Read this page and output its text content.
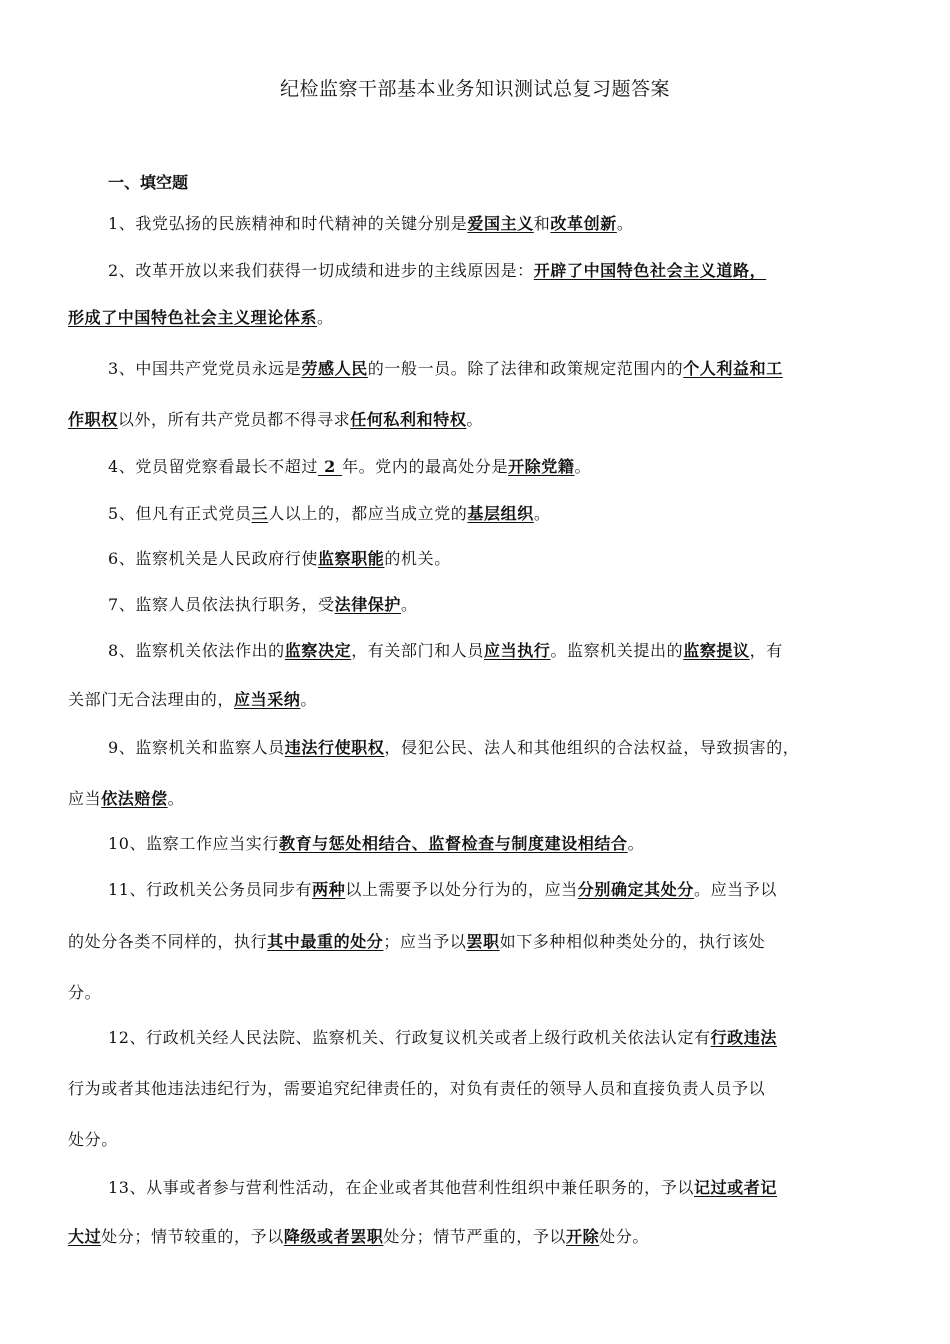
纪检监察干部基本业务知识测试总复习题答案
一、填空题
1、我党弘扬的民族精神和时代精神的关键分别是爱国主义和改革创新。
2、改革开放以来我们获得一切成绩和进步的主线原因是：开辟了中国特色社会主义道路，
形成了中国特色社会主义理论体系。
3、中国共产党党员永远是劳感人民的一般一员。除了法律和政策规定范围内的个人利益和工
作职权以外，所有共产党员都不得寻求任何私利和特权。
4、党员留党察看最长不超过 2 年。党内的最高处分是开除党籍。
5、但凡有正式党员三人以上的，都应当成立党的基层组织。
6、监察机关是人民政府行使监察职能的机关。
7、监察人员依法执行职务，受法律保护。
8、监察机关依法作出的监察决定，有关部门和人员应当执行。监察机关提出的监察提议，有
关部门无合法理由的，应当采纳。
9、监察机关和监察人员违法行使职权，侵犯公民、法人和其他组织的合法权益，导致损害的，
应当依法赔偿。
10、监察工作应当实行教育与惩处相结合、监督检查与制度建设相结合。
11、行政机关公务员同步有两种以上需要予以处分行为的，应当分别确定其处分。应当予以
的处分各类不同样的，执行其中最重的处分；应当予以罢职如下多种相似种类处分的，执行该处
分。
12、行政机关经人民法院、监察机关、行政复议机关或者上级行政机关依法认定有行政违法
行为或者其他违法违纪行为，需要追究纪律责任的，对负有责任的领导人员和直接负责人员予以
处分。
13、从事或者参与营利性活动，在企业或者其他营利性组织中兼任职务的，予以记过或者记
大过处分；情节较重的，予以降级或者罢职处分；情节严重的，予以开除处分。
